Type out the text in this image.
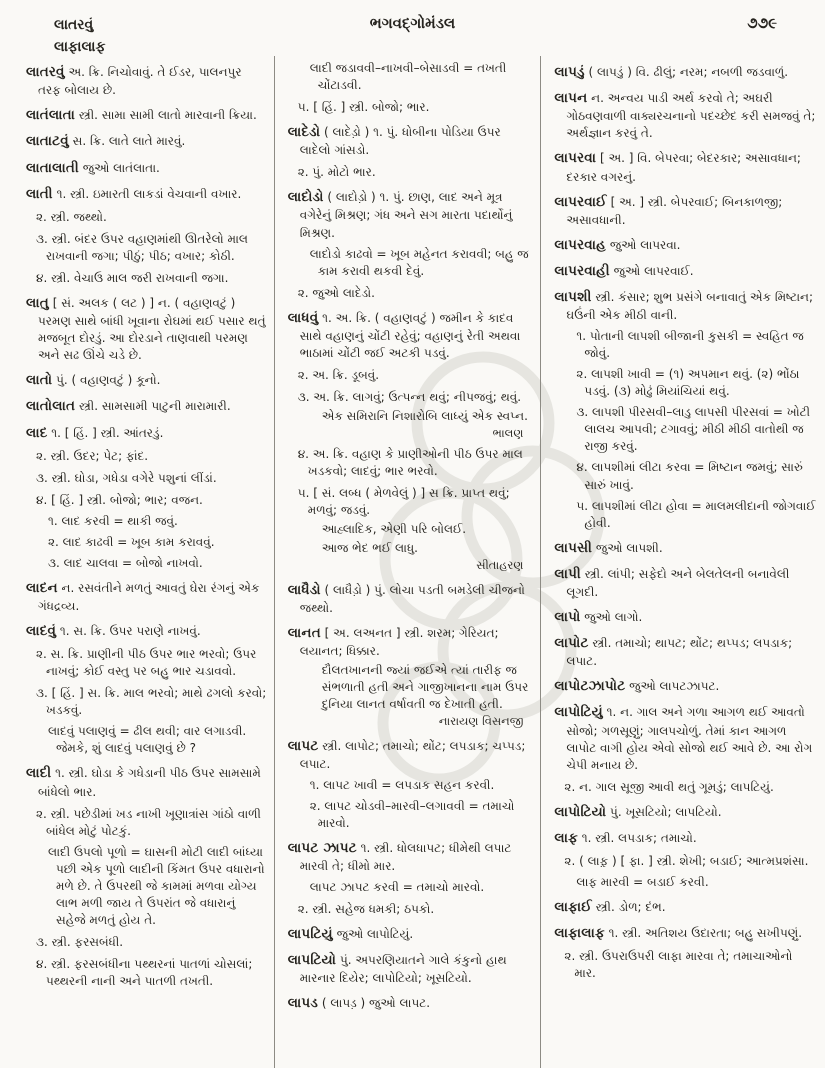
લાતરવું
લાફાલાફ
ભગવદ્ગોમંડલ	૭૭૯

લાતરવું અ. ક્રિ. નિચોવાવું. તે ઈડર, પાલનપુર તરફ બોલાય છે.

લાતંલાતા સ્ત્રી. સામા સામી લાતો મારવાની ક્રિયા.

લાતાટવું સ. ક્રિ. લાતે લાતે મારવું.

લાતાલાતી જુઓ લાતંલાતા.

લાતી ૧. સ્ત્રી. ઇમારતી લાકડાં વેચવાની વખાર.

૨. સ્ત્રી. જથ્થો.

૩. સ્ત્રી. બંદર ઉપર વહાણમાંથી ઊતરેલો માલ રાખવાની જગા; પીઠું; પીઠ; વખાર; કોઠી.

૪. સ્ત્રી. વેચાઉ માલ જરી રાખવાની જગા.

લાતુ [ સં. અલક ( લટ ) ] ન. ( વહાણવટું ) પરમણ સાથે બાંધી ખૂવાના રોઘમાં થઈ પસાર થતું મજબૂત દોરડું. આ દોરડાને તાણવાથી પરમણ અને સઢ ઊંચે ચડે છે.

લાતો પું. ( વહાણવટું ) કૂનો.

લાતોલાત સ્ત્રી. સામસામી પાટુની મારામારી.

લાદ ૧. [ હિં. ] સ્ત્રી. આંતરડું.

૨. સ્ત્રી. ઉદર; પેટ; ફાંદ.

૩. સ્ત્રી. ઘોડા, ગધેડા વગેરે પશુનાં લીંડાં.

૪. [ હિં. ] સ્ત્રી. બોજો; ભાર; વજન.

૧. લાદ કરવી = થાકી જવું.

૨. લાદ કાઢવી = ખૂબ કામ કરાવવું.

૩. લાદ ચાલવા = બોજો નાખવો.

લાદન ન. રસવંતીને મળતું આવતું ઘેરા રંગનું એક ગંધદ્રવ્ય.

લાદવું ૧. સ. ક્રિ. ઉપર પરાણે નાખવું.

૨. સ. ક્રિ. પ્રાણીની પીઠ ઉપર ભાર ભરવો; ઉપર નાખવું; કોઈ વસ્તુ પર બહુ ભાર ચડાવવો.

૩. [ હિં. ] સ. ક્રિ. માલ ભરવો; માથે ઢગલો કરવો; ખડકવું.

લાદવું પલાણવું = ઢીલ થવી; વાર લગાડવી. જેમકે, શું લાદવું પલાણવું છે ?

લાદી ૧. સ્ત્રી. ઘોડા કે ગધેડાની પીઠ ઉપર સામસામે બાંધેલો ભાર.

૨. સ્ત્રી. પછેડીમાં ખડ નાખી ખૂણાત્રાંસ ગાંઠો વાળી બાંધેલ મોટું પોટકું.

લાદી ઉપલો પૂળો = ઘાસની મોટી લાદી બાંધ્યા પછી એક પૂળો લાદીની કિંમત ઉપર વધારાનો મળે છે. તે ઉપરથી જે કામમાં મળવા યોગ્ય લાભ મળી જાય તે ઉપરાંત જે વધારાનું સહેજે મળતું હોય તે.

૩. સ્ત્રી. ફરસબંધી.

૪. સ્ત્રી. ફરસબંધીના પથ્થરનાં પાતળાં ચોસલાં; પથ્થરની નાની અને પાતળી તખતી.

લાદી જડાવવી–નાખવી–બેસાડવી = તખતી ચોંટાડવી.

૫. [ હિં. ] સ્ત્રી. બોજો; ભાર.

લાદેડો ( લાદેડ઼ો ) ૧. પું. ધોબીના પોડિયા ઉપર લાદેલો ગાંસડો.

૨. પું. મોટો ભાર.

લાદોડો ( લાદોડ઼ો ) ૧. પું. છાણ, લાદ અને મૂત્ર વગેરેનું મિશ્રણ; ગંધ અને સગ મારતા પદાર્થોનું મિશ્રણ.

લાદોડો કાઢવો = ખૂબ મહેનત કરાવવી; બહુ જ કામ કરાવી થકવી દેવું.

૨. જુઓ લાદેડો.

લાધવું ૧. અ. ક્રિ. ( વહાણવટું ) જમીન કે કાદવ સાથે વહાણનું ચોંટી રહેવું; વહાણનું રેતી અથવા ભાઠામાં ચોંટી જઈ અટકી પડવું.

૨. અ. ક્રિ. ડૂબવું.

૩. અ. ક્રિ. લાગવું; ઉત્પન્ન થવું; નીપજવું; થવું.

એક સમિરાનિ નિશારોબિ લાધ્યું એક સ્વપ્ન.

ભાલણ

૪. અ. ક્રિ. વહાણ કે પ્રાણીઓની પીઠ ઉપર માલ ખડકવો; લાદવું; ભાર ભરવો.

૫. [ સં. લબ્ધ ( મેળવેલું ) ] સ ક્રિ. પ્રાપ્ત થવું; મળવું; જડવું.

આહ્લાદિક, એણી પરિ બોલઈ.

આજ ભેદ ભઈ લાધુ.

સીતાહરણ

લાધૈડો ( લાધૈડ઼ો ) પું. લોચા પડતી બમડેલી ચીજનો જથ્થો.

લાનત [ અ. લઅનત ] સ્ત્રી. શરમ; ગેરિયત; લયાનત; ધિક્કાર.

દૌલતખાનની જ્યાં જઈએ ત્યાં તારીફ જ સંભળાતી હતી અને ગાજીખાનના નામ ઉપર દુનિયા લાનત વર્ષાવતી જ દેખાતી હતી.

નારાયણ વિસનજી

લાપટ સ્ત્રી. લાપોટ; તમાચો; થોંટ; લપડાક; ચપ્પડ; લપાટ.

૧. લાપટ ખાવી = લપડાક સહન કરવી.

૨. લાપટ ચોડવી–મારવી–લગાવવી = તમાચો મારવો.

લાપટ ઝાપટ ૧. સ્ત્રી. ધોલધાપટ; ધીમેથી લપાટ મારવી તે; ધીમો માર.

લાપટ ઝાપટ કરવી = તમાચો મારવો.

૨. સ્ત્રી. સહેજ ધમકી; ઠપકો.

લાપટિયું જુઓ લાપોટિયું.

લાપટિયો પું. અપરણિયાતને ગાલે કંકુનો હાથ મારનાર દિયેર; લાપોટિયો; ખૂસટિયો.

લાપડ ( લાપડ઼ ) જુઓ લાપટ.

લાપડું ( લાપડ઼ું ) વિ. ઢીલું; નરમ; નબળી જડવાળું.

લાપન ન. અન્વય પાડી અર્થ કરવો તે; અઘરી ગોઠવણવાળી વાક્યરચનાનો પદચ્છેદ કરી સમજવું તે; અર્થજ્ઞાન કરવું તે.

લાપરવા [ અ. ] વિ. બેપરવા; બેદરકાર; અસાવધાન; દરકાર વગરનું.

લાપરવાઈ [ અ. ] સ્ત્રી. બેપરવાઈ; બિનકાળજી; અસાવધાની.

લાપરવાહ જુઓ લાપરવા.

લાપરવાહી જુઓ લાપરવાઈ.

લાપશી સ્ત્રી. કંસાર; શુભ પ્રસંગે બનાવાતું એક મિષ્ટાન; ઘઉંની એક મીઠી વાની.

૧. પોતાની લાપશી બીજાની કુસકી = સ્વહિત જ જોવું.

૨. લાપશી ખાવી = (૧) અપમાન થવું. (૨) ભોંઠા પડવું. (૩) મોઢું મિયાંચિયાં થવું.

૩. લાપશી પીરસવી–લાડુ લાપસી પીરસવાં = ખોટી લાલચ આપવી; ટગાવવું; મીઠી મીઠી વાતોથી જ રાજી કરવું.

૪. લાપશીમાં લીટા કરવા = મિષ્ટાન જમવું; સારું સારું ખાવું.

૫. લાપશીમાં લીટા હોવા = માલમલીદાની જોગવાઈ હોવી.

લાપસી જુઓ લાપશી.

લાપી સ્ત્રી. લાંપી; સફેદો અને બેલતેલની બનાવેલી લૂગદી.

લાપો જુઓ લાગો.

લાપોટ સ્ત્રી. તમાચો; થાપટ; થોંટ; થપ્પડ; લપડાક; લપાટ.

લાપોટઝાપોટ જુઓ લાપટઝાપટ.

લાપોટિયું ૧. ન. ગાલ અને ગળા આગળ થઈ આવતો સોજો; ગળસૂણું; ગાલપચોળું. તેમાં કાન આગળ લાપોટ વાગી હોય એવો સોજો થઈ આવે છે. આ રોગ ચેપી મનાય છે.

૨. ન. ગાલ સૂજી આવી થતું ગૂમડું; લાપટિયું.

લાપોટિયો પું. ખૂસટિયો; લાપટિયો.

લાફ ૧. સ્ત્રી. લપડાક; તમાચો.

૨. ( લાફ઼ ) [ ફા. ] સ્ત્રી. શેખી; બડાઈ; આત્મપ્રશંસા.

લાફ મારવી = બડાઈ કરવી.

લાફાઈ સ્ત્રી. ડોળ; દંભ.

લાફાલાફ ૧. સ્ત્રી. અતિશય ઉદારતા; બહુ સખીપણું.

૨. સ્ત્રી. ઉપરાઉપરી લાફા મારવા તે; તમાચાઓનો માર.
